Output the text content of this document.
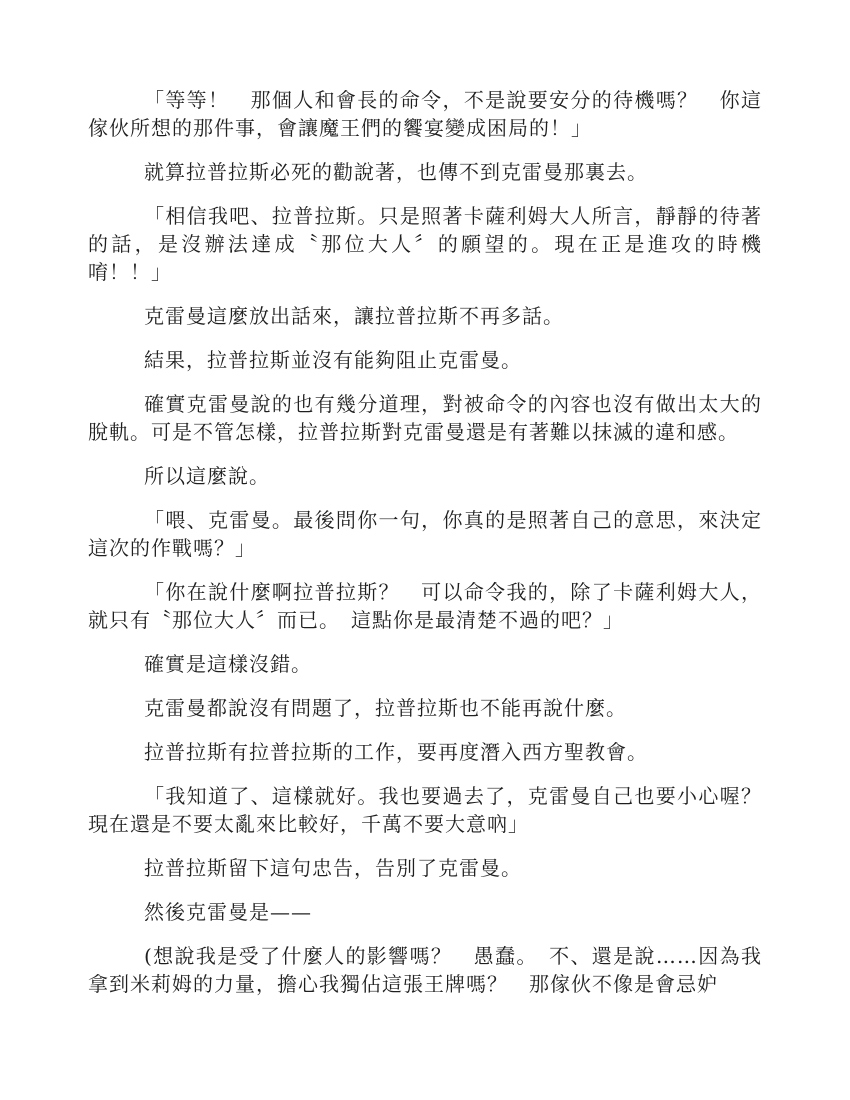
「等等！　那個人和會長的命令，不是說要安分的待機嗎？　你這傢伙所想的那件事，會讓魔王們的饗宴變成困局的！」

就算拉普拉斯必死的勸說著，也傳不到克雷曼那裏去。

「相信我吧、拉普拉斯。只是照著卡薩利姆大人所言，靜靜的待著的話，是沒辦法達成〝那位大人〞的願望的。現在正是進攻的時機唷！！」

克雷曼這麼放出話來，讓拉普拉斯不再多話。

結果，拉普拉斯並沒有能夠阻止克雷曼。

確實克雷曼說的也有幾分道理，對被命令的內容也沒有做出太大的脫軌。可是不管怎樣，拉普拉斯對克雷曼還是有著難以抹滅的違和感。

所以這麼說。

「喂、克雷曼。最後問你一句，你真的是照著自己的意思，來決定這次的作戰嗎？」

「你在說什麼啊拉普拉斯？　可以命令我的，除了卡薩利姆大人，就只有〝那位大人〞而已。　這點你是最清楚不過的吧？」

確實是這樣沒錯。

克雷曼都說沒有問題了，拉普拉斯也不能再說什麼。

拉普拉斯有拉普拉斯的工作，要再度潛入西方聖教會。

「我知道了、這樣就好。我也要過去了，克雷曼自己也要小心喔？　現在還是不要太亂來比較好，千萬不要大意吶」

拉普拉斯留下這句忠告，告別了克雷曼。

然後克雷曼是——

(想說我是受了什麼人的影響嗎？　愚蠢。　不、還是說……因為我拿到米莉姆的力量，擔心我獨佔這張王牌嗎？　那傢伙不像是會忌妒
